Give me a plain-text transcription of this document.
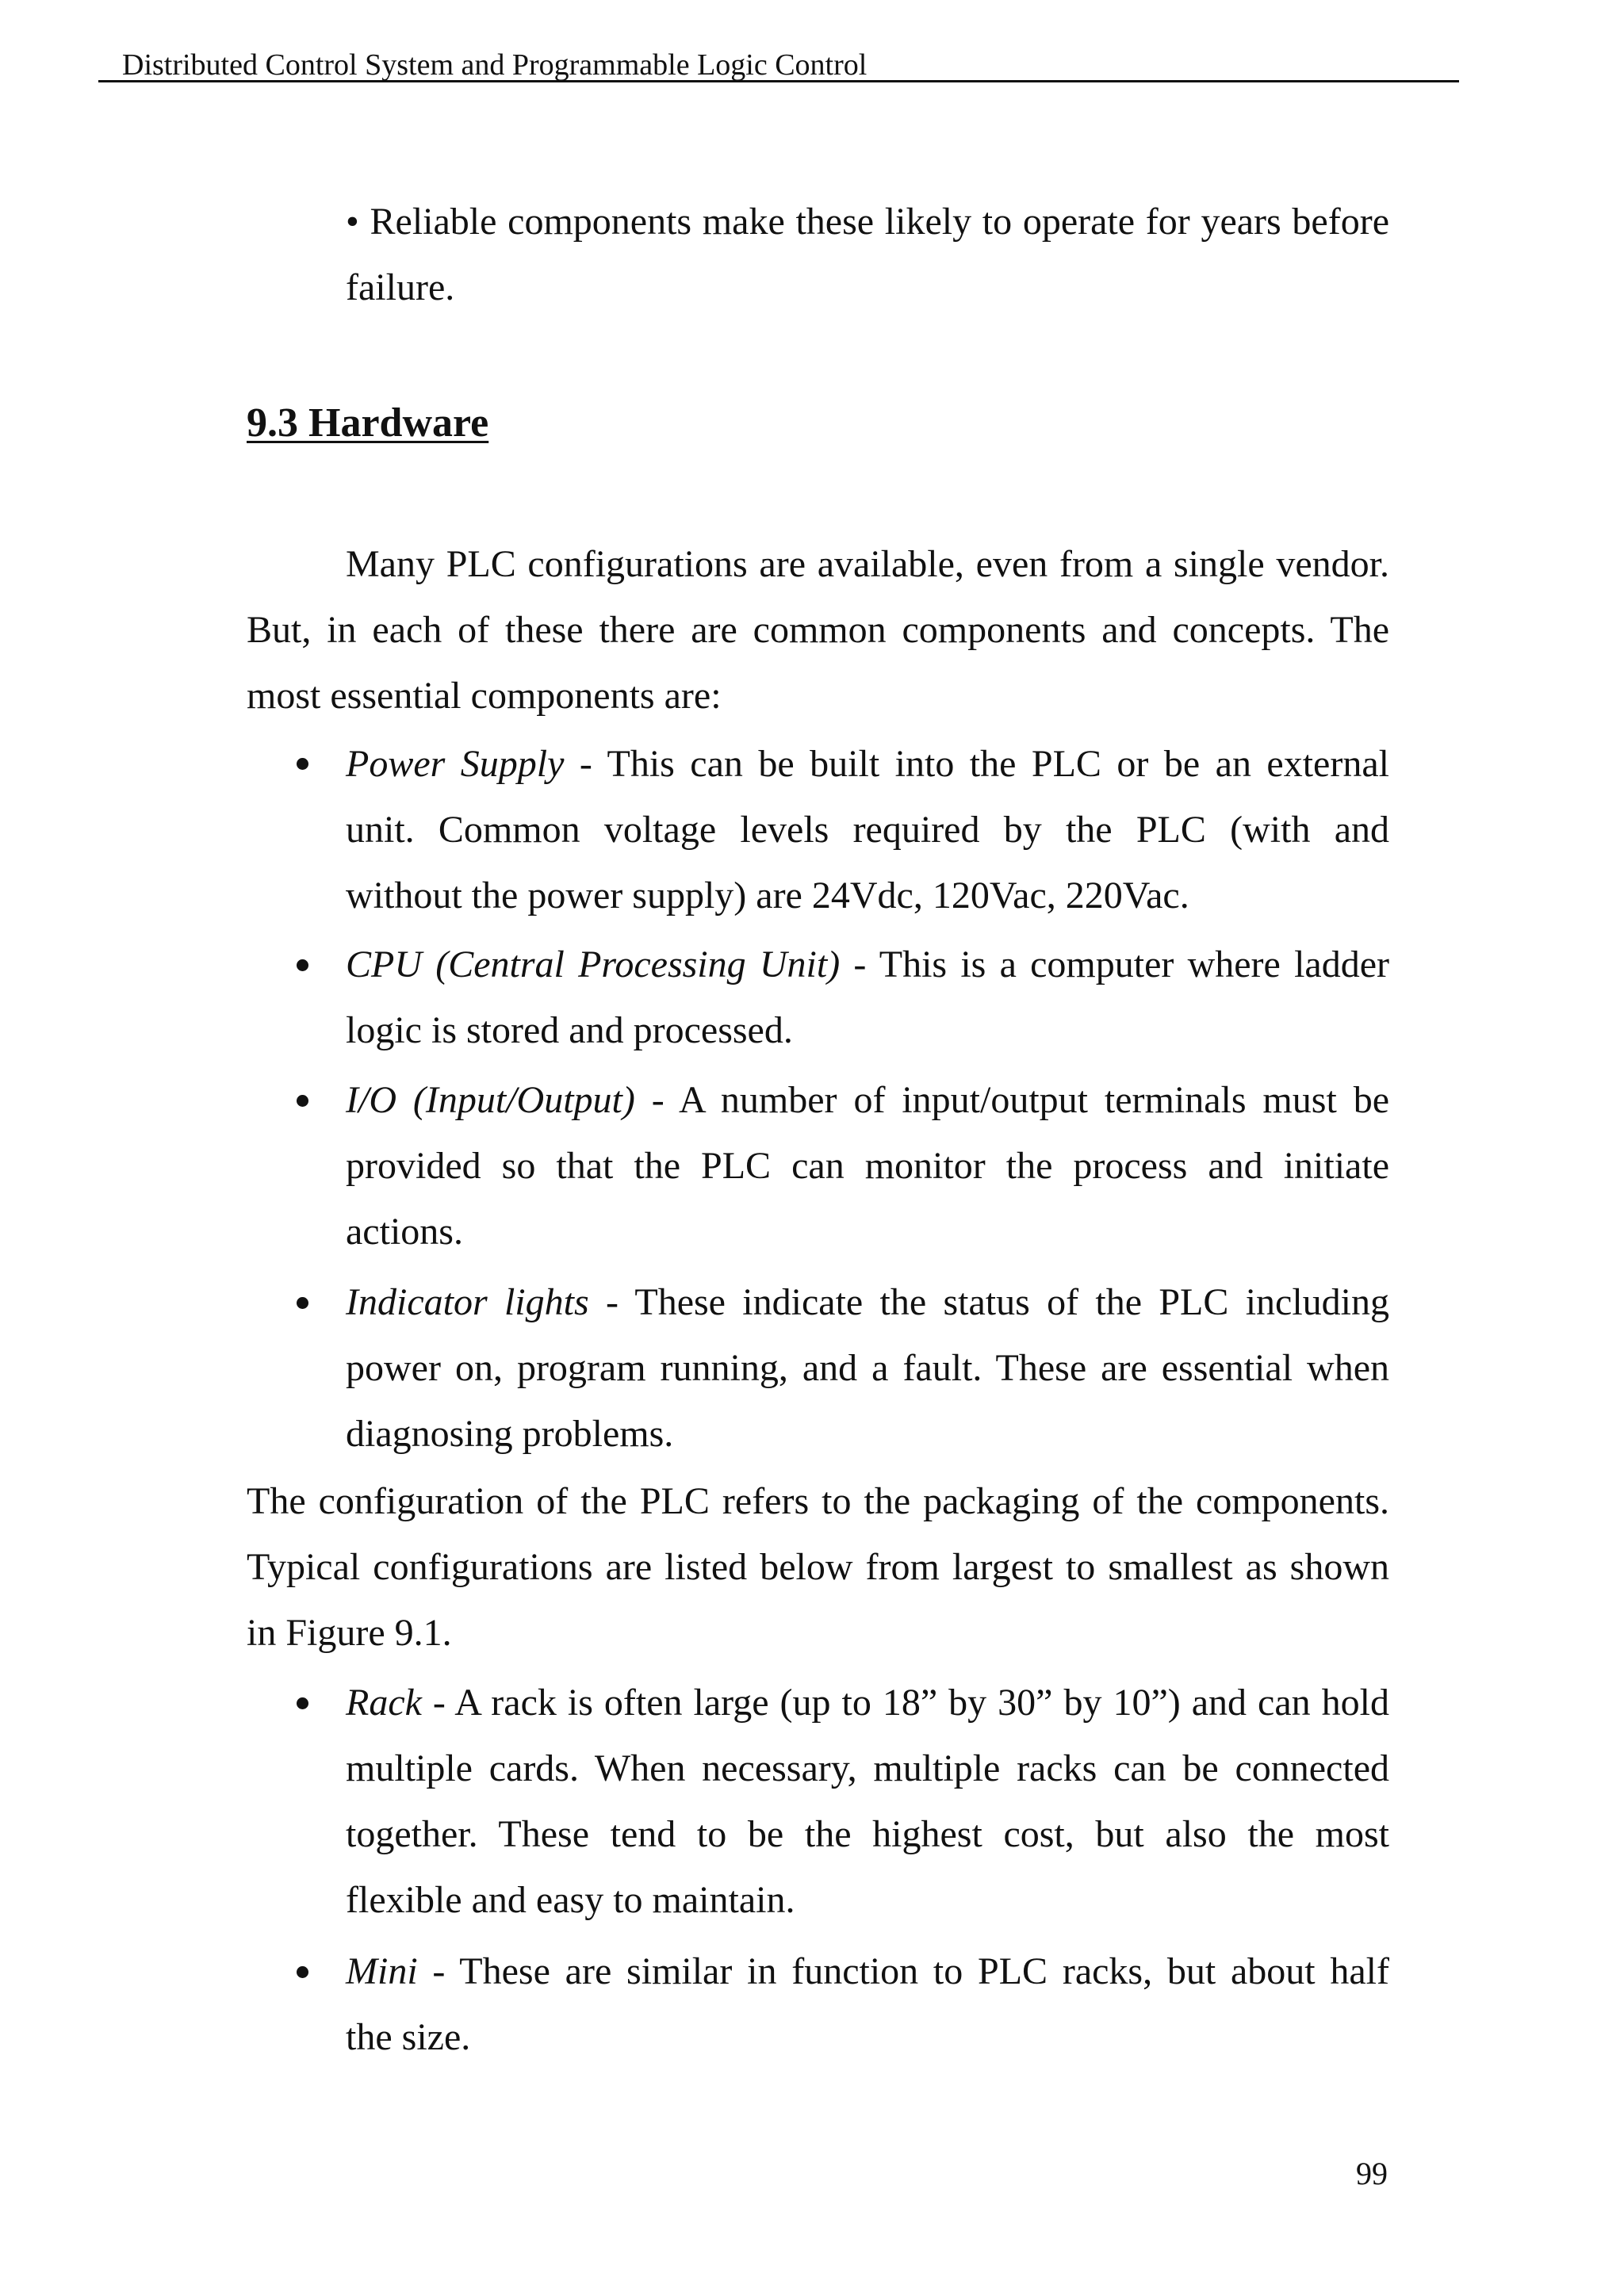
Distributed Control System and Programmable Logic Control

• Reliable components make these likely to operate for years before

failure.

9.3 Hardware

Many PLC configurations are available, even from a single vendor.

But, in each of these there are common components and concepts. The

most essential components are:

Power Supply - This can be built into the PLC or be an external

unit. Common voltage levels required by the PLC (with and

without the power supply) are 24Vdc, 120Vac, 220Vac.

CPU (Central Processing Unit) - This is a computer where ladder

logic is stored and processed.

I/O (Input/Output) - A number of input/output terminals must be

provided so that the PLC can monitor the process and initiate

actions.

Indicator lights - These indicate the status of the PLC including

power on, program running, and a fault. These are essential when

diagnosing problems.

The configuration of the PLC refers to the packaging of the components.

Typical configurations are listed below from largest to smallest as shown

in Figure 9.1.

Rack - A rack is often large (up to 18” by 30” by 10”) and can hold

multiple cards. When necessary, multiple racks can be connected

together. These tend to be the highest cost, but also the most

flexible and easy to maintain.

Mini - These are similar in function to PLC racks, but about half

the size.

99
